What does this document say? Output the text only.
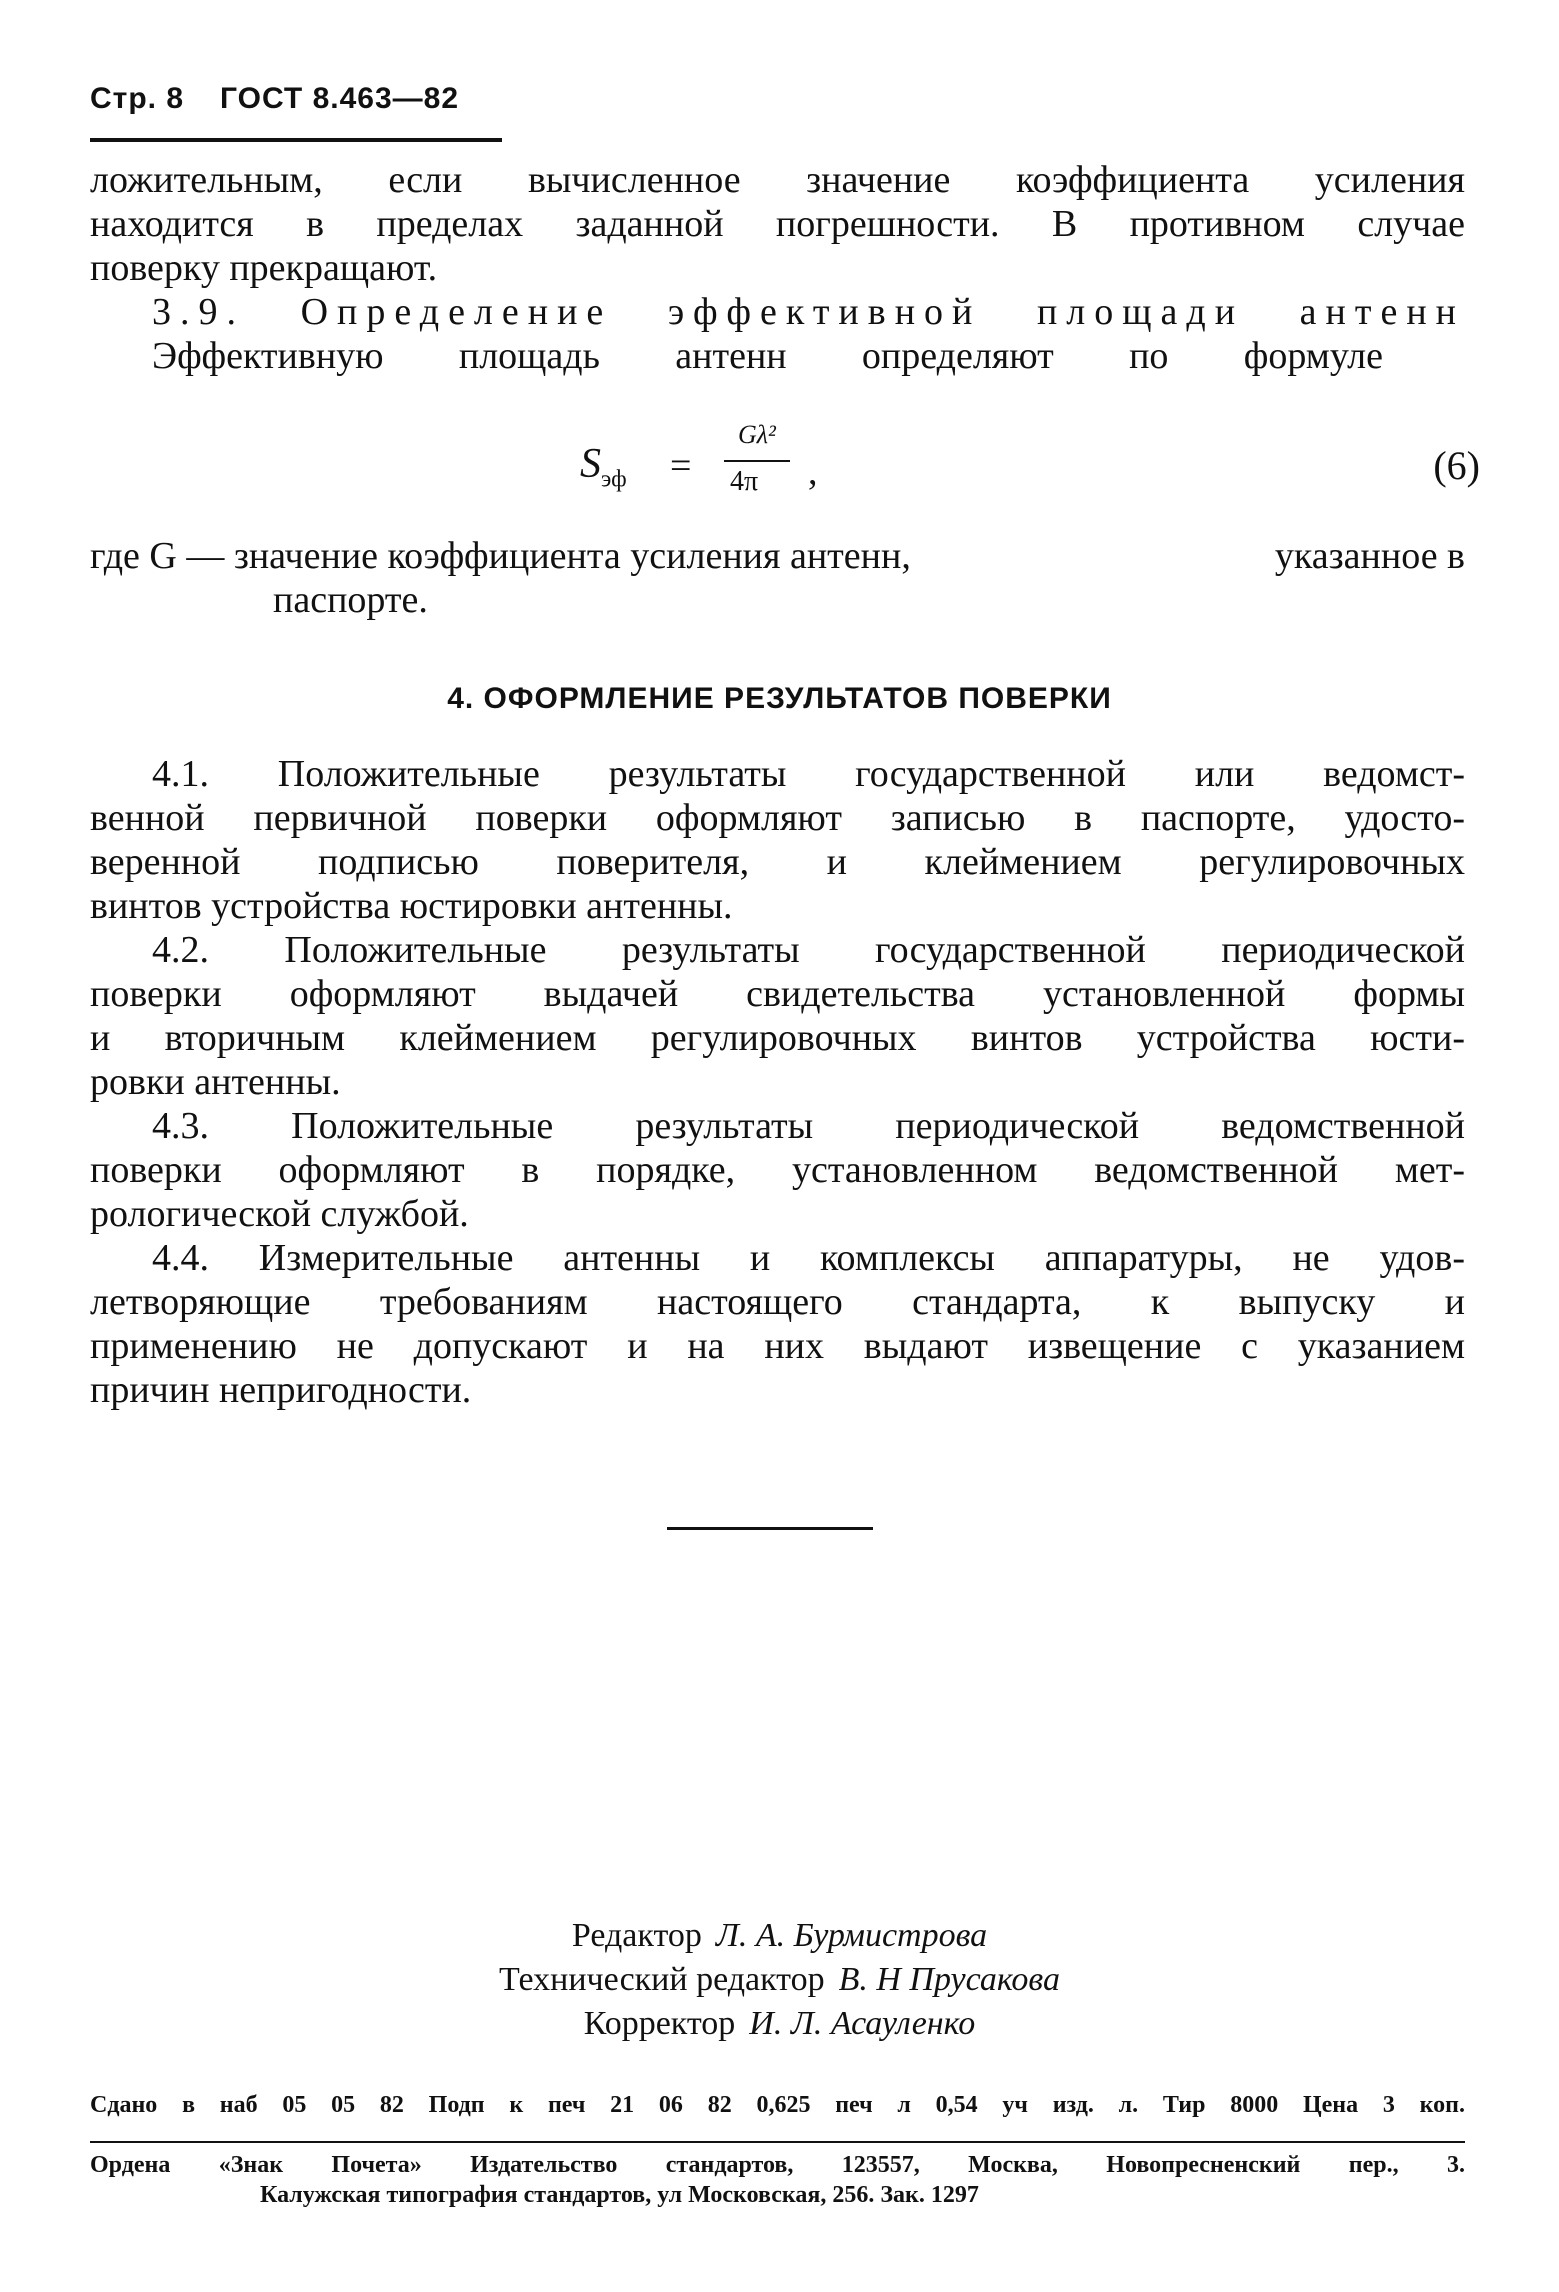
Стр. 8 ГОСТ 8.463—82

ложительным, если вычисленное значение коэффициента усиления

находится в пределах заданной погрешности. В противном случае

поверку прекращают.

3.9. Определение эффективной площади антенн

Эффективную площадь антенн определяют по формуле

$S_{эф}$ =
Gλ²
4π ,	(6)
где G — значение коэффициента усиления антенн,	указанное в
паспорте.
4. ОФОРМЛЕНИЕ РЕЗУЛЬТАТОВ ПОВЕРКИ

4.1. Положительные результаты государственной или ведомст-

венной первичной поверки оформляют записью в паспорте, удосто-

веренной подписью поверителя, и клеймением регулировочных

винтов устройства юстировки антенны.

4.2. Положительные результаты государственной периодической

поверки оформляют выдачей свидетельства установленной формы

и вторичным клеймением регулировочных винтов устройства юсти-

ровки антенны.

4.3. Положительные результаты периодической ведомственной

поверки оформляют в порядке, установленном ведомственной мет-

рологической службой.

4.4. Измерительные антенны и комплексы аппаратуры, не удов-

летворяющие требованиям настоящего стандарта, к выпуску и

применению не допускают и на них выдают извещение с указанием

причин непригодности.

Редактор Л. А. Бурмистрова
Технический редактор В. Н Прусакова
Корректор И. Л. Асауленко
Сдано в наб 05 05 82 Подп к печ 21 06 82 0,625 печ л 0,54 уч изд. л. Тир 8000 Цена 3 коп.
Ордена «Знак Почета» Издательство стандартов, 123557, Москва, Новопресненский пер., 3.
Калужская типография стандартов, ул Московская, 256. Зак. 1297
